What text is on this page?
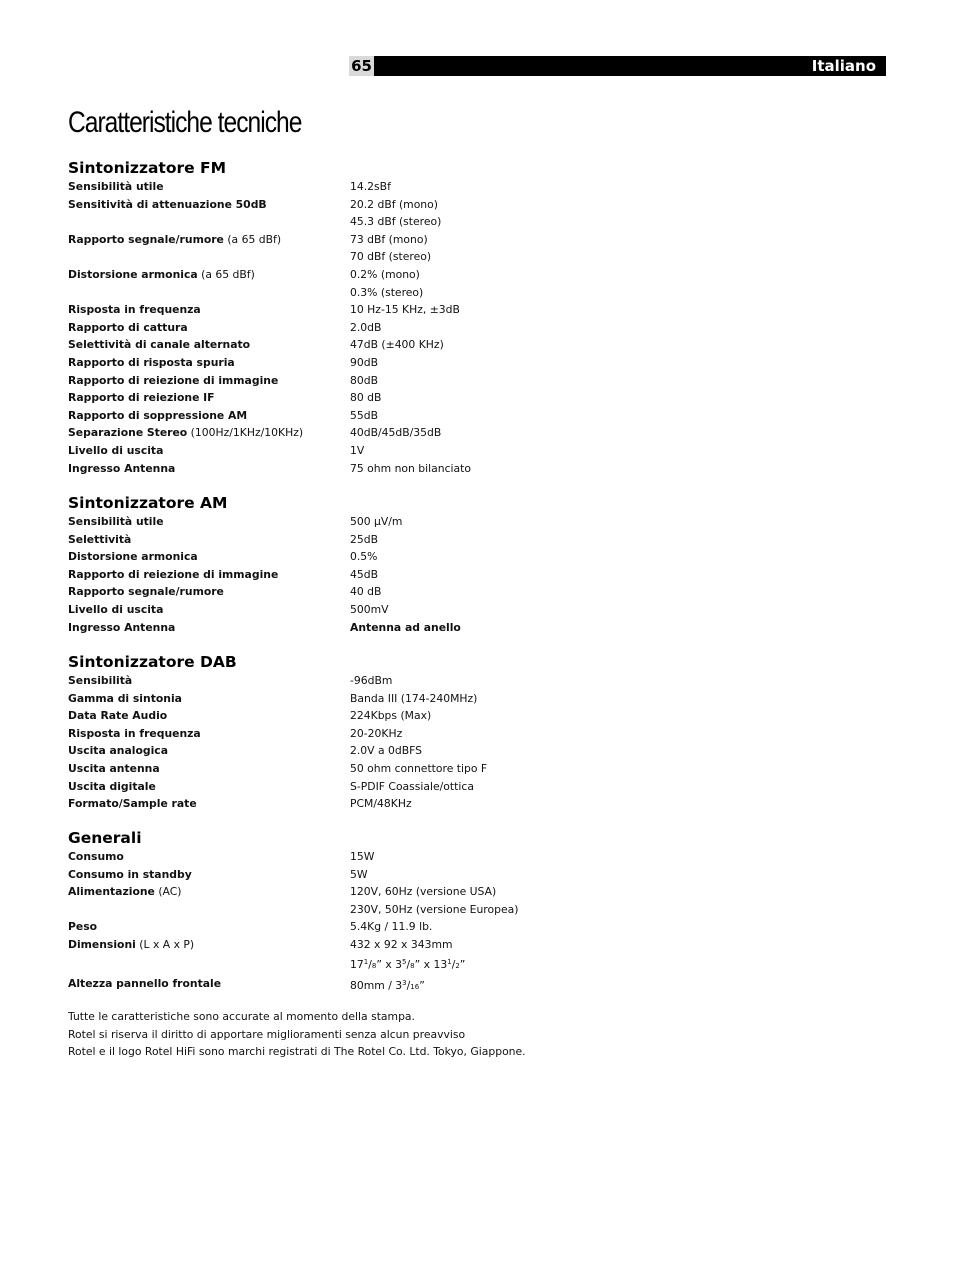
65	Italiano
Caratteristiche tecniche
Sintonizzatore FM
Sensibilità utile	14.2sBf
Sensitività di attenuazione 50dB	20.2 dBf (mono)
45.3 dBf (stereo)
Rapporto segnale/rumore (a 65 dBf)	73 dBf (mono)
70 dBf (stereo)
Distorsione armonica (a 65 dBf)	0.2% (mono)
0.3% (stereo)
Risposta in frequenza	10 Hz-15 KHz, ±3dB
Rapporto di cattura	2.0dB
Selettività di canale alternato	47dB (±400 KHz)
Rapporto di risposta spuria	90dB
Rapporto di reiezione di immagine	80dB
Rapporto di reiezione IF	80 dB
Rapporto di soppressione AM	55dB
Separazione Stereo (100Hz/1KHz/10KHz)	40dB/45dB/35dB
Livello di uscita	1V
Ingresso Antenna	75 ohm non bilanciato
Sintonizzatore AM
Sensibilità utile	500 µV/m
Selettività	25dB
Distorsione armonica	0.5%
Rapporto di reiezione di immagine	45dB
Rapporto segnale/rumore	40 dB
Livello di uscita	500mV
Ingresso Antenna	Antenna ad anello
Sintonizzatore DAB
Sensibilità	-96dBm
Gamma di sintonia	Banda III (174-240MHz)
Data Rate Audio	224Kbps (Max)
Risposta in frequenza	20-20KHz
Uscita analogica	2.0V a 0dBFS
Uscita antenna	50 ohm connettore tipo F
Uscita digitale	S-PDIF Coassiale/ottica
Formato/Sample rate	PCM/48KHz
Generali
Consumo	15W
Consumo in standby	5W
Alimentazione (AC)	120V, 60Hz (versione USA)
230V, 50Hz (versione Europea)
Peso	5.4Kg / 11.9 lb.
Dimensioni (L x A x P)	432 x 92 x 343mm
$17^1/8$” x $3^5/8$” x $13^1/2$”
Altezza pannello frontale	$80mm / 3^3/16$”
Tutte le caratteristiche sono accurate al momento della stampa.
Rotel si riserva il diritto di apportare miglioramenti senza alcun preavviso
Rotel e il logo Rotel HiFi sono marchi registrati di The Rotel Co. Ltd. Tokyo, Giappone.
